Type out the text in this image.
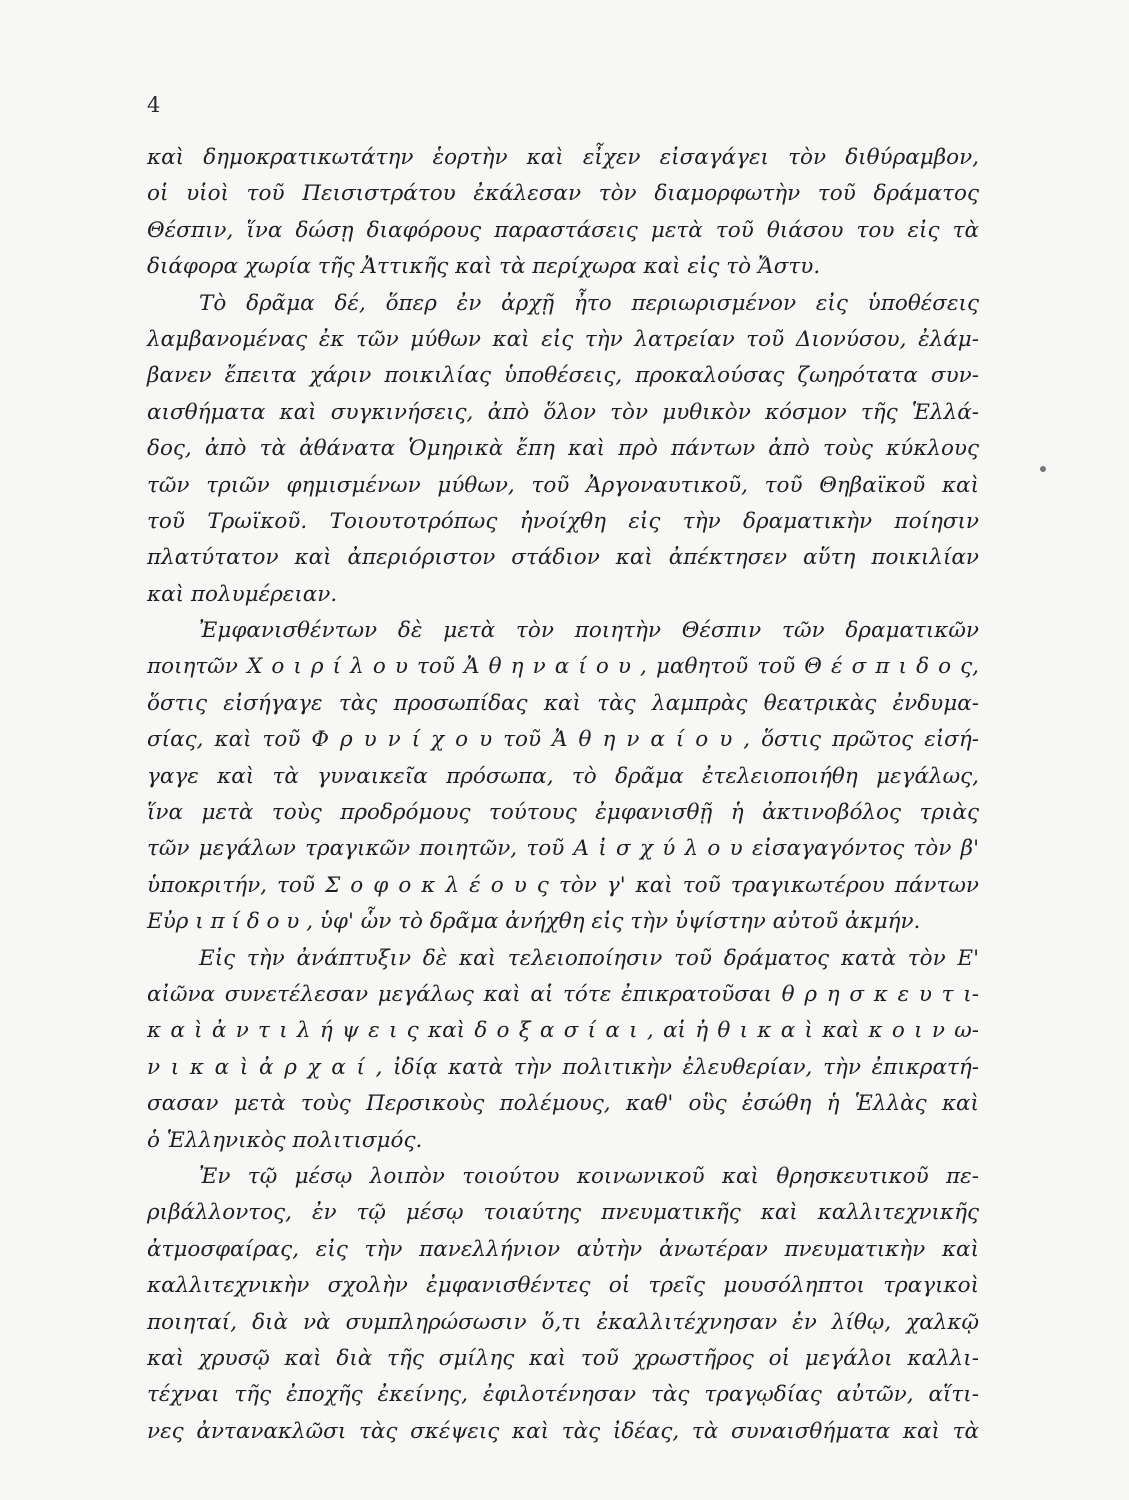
4
καὶ δημοκρατικωτάτην ἑορτὴν καὶ εἶχεν εἰσαγάγει τὸν διθύραμβον,
οἱ υἱοὶ τοῦ Πεισιστράτου ἐκάλεσαν τὸν διαμορφωτὴν τοῦ δράματος
Θέσπιν, ἵνα δώσῃ διαφόρους παραστάσεις μετὰ τοῦ θιάσου του εἰς τὰ
διάφορα χωρία τῆς Ἀττικῆς καὶ τὰ περίχωρα καὶ εἰς τὸ Ἄστυ.
Τὸ δρᾶμα δέ, ὅπερ ἐν ἀρχῇ ἦτο περιωρισμένον εἰς ὑποθέσεις
λαμβανομένας ἐκ τῶν μύθων καὶ εἰς τὴν λατρείαν τοῦ Διονύσου, ἐλάμ-
βανεν ἔπειτα χάριν ποικιλίας ὑποθέσεις, προκαλούσας ζωηρότατα συν-
αισθήματα καὶ συγκινήσεις, ἀπὸ ὅλον τὸν μυθικὸν κόσμον τῆς Ἑλλά-
δος, ἀπὸ τὰ ἀθάνατα Ὁμηρικὰ ἔπη καὶ πρὸ πάντων ἀπὸ τοὺς κύκλους
τῶν τριῶν φημισμένων μύθων, τοῦ Ἀργοναυτικοῦ, τοῦ Θηβαϊκοῦ καὶ
τοῦ Τρωϊκοῦ. Τοιουτοτρόπως ἠνοίχθη εἰς τὴν δραματικὴν ποίησιν
πλατύτατον καὶ ἀπεριόριστον στάδιον καὶ ἀπέκτησεν αὕτη ποικιλίαν
καὶ πολυμέρειαν.
Ἐμφανισθέντων δὲ μετὰ τὸν ποιητὴν Θέσπιν τῶν δραματικῶν
ποιητῶν Χ ο ι ρ ί λ ο υ τοῦ Ἀ θ η ν α ί ο υ , μαθητοῦ τοῦ Θ έ σ π ι δ ο ς,
ὅστις εἰσήγαγε τὰς προσωπίδας καὶ τὰς λαμπρὰς θεατρικὰς ἐνδυμα-
σίας, καὶ τοῦ Φ ρ υ ν ί χ ο υ τοῦ Ἀ θ η ν α ί ο υ , ὅστις πρῶτος εἰσή-
γαγε καὶ τὰ γυναικεῖα πρόσωπα, τὸ δρᾶμα ἐτελειοποιήθη μεγάλως,
ἵνα μετὰ τοὺς προδρόμους τούτους ἐμφανισθῇ ἡ ἀκτινοβόλος τριὰς
τῶν μεγάλων τραγικῶν ποιητῶν, τοῦ Α ἰ σ χ ύ λ ο υ εἰσαγαγόντος τὸν β'
ὑποκριτήν, τοῦ Σ ο φ ο κ λ έ ο υ ς τὸν γ' καὶ τοῦ τραγικωτέρου πάντων
Εὐρ ι π ί δ ο υ , ὑφ' ὧν τὸ δρᾶμα ἀνήχθη εἰς τὴν ὑψίστην αὐτοῦ ἀκμήν.
Εἰς τὴν ἀνάπτυξιν δὲ καὶ τελειοποίησιν τοῦ δράματος κατὰ τὸν Ε'
αἰῶνα συνετέλεσαν μεγάλως καὶ αἱ τότε ἐπικρατοῦσαι θ ρ η σ κ ε υ τ ι-
κ α ὶ ἀ ν τ ι λ ή ψ ε ι ς καὶ δ ο ξ α σ ί α ι , αἱ ἠ θ ι κ α ὶ καὶ κ ο ι ν ω-
ν ι κ α ὶ ἀ ρ χ α ί , ἰδίᾳ κατὰ τὴν πολιτικὴν ἐλευθερίαν, τὴν ἐπικρατή-
σασαν μετὰ τοὺς Περσικοὺς πολέμους, καθ' οὓς ἐσώθη ἡ Ἑλλὰς καὶ
ὁ Ἑλληνικὸς πολιτισμός.
Ἐν τῷ μέσῳ λοιπὸν τοιούτου κοινωνικοῦ καὶ θρησκευτικοῦ πε-
ριβάλλοντος, ἐν τῷ μέσῳ τοιαύτης πνευματικῆς καὶ καλλιτεχνικῆς
ἀτμοσφαίρας, εἰς τὴν πανελλήνιον αὐτὴν ἀνωτέραν πνευματικὴν καὶ
καλλιτεχνικὴν σχολὴν ἐμφανισθέντες οἱ τρεῖς μουσόληπτοι τραγικοὶ
ποιηταί, διὰ νὰ συμπληρώσωσιν ὅ,τι ἐκαλλιτέχνησαν ἐν λίθῳ, χαλκῷ
καὶ χρυσῷ καὶ διὰ τῆς σμίλης καὶ τοῦ χρωστῆρος οἱ μεγάλοι καλλι-
τέχναι τῆς ἐποχῆς ἐκείνης, ἐφιλοτένησαν τὰς τραγῳδίας αὐτῶν, αἵτι-
νες ἀντανακλῶσι τὰς σκέψεις καὶ τὰς ἰδέας, τὰ συναισθήματα καὶ τὰ
